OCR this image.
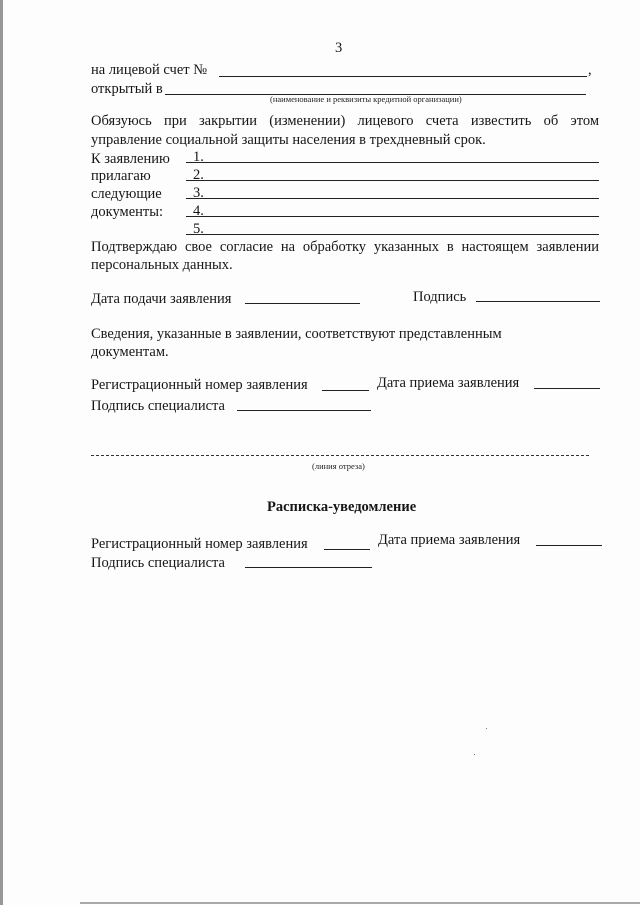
3
на лицевой счет №	,
открытый в
(наименование и реквизиты кредитной организации)
Обязуюсь при закрытии (изменении) лицевого счета известить об этом
управление социальной защиты населения в трехдневный срок.
К заявлению
прилагаю
следующие
документы:
1.
2.
3.
4.
5.
Подтверждаю свое согласие на обработку указанных в настоящем заявлении
персональных данных.
Дата подачи заявления	Подпись
Сведения, указанные в заявлении, соответствуют представленным
документам.
Регистрационный номер заявления	Дата приема заявления
Подпись специалиста
(линия отреза)
Расписка-уведомление
Регистрационный номер заявления	Дата приема заявления
Подпись специалиста
